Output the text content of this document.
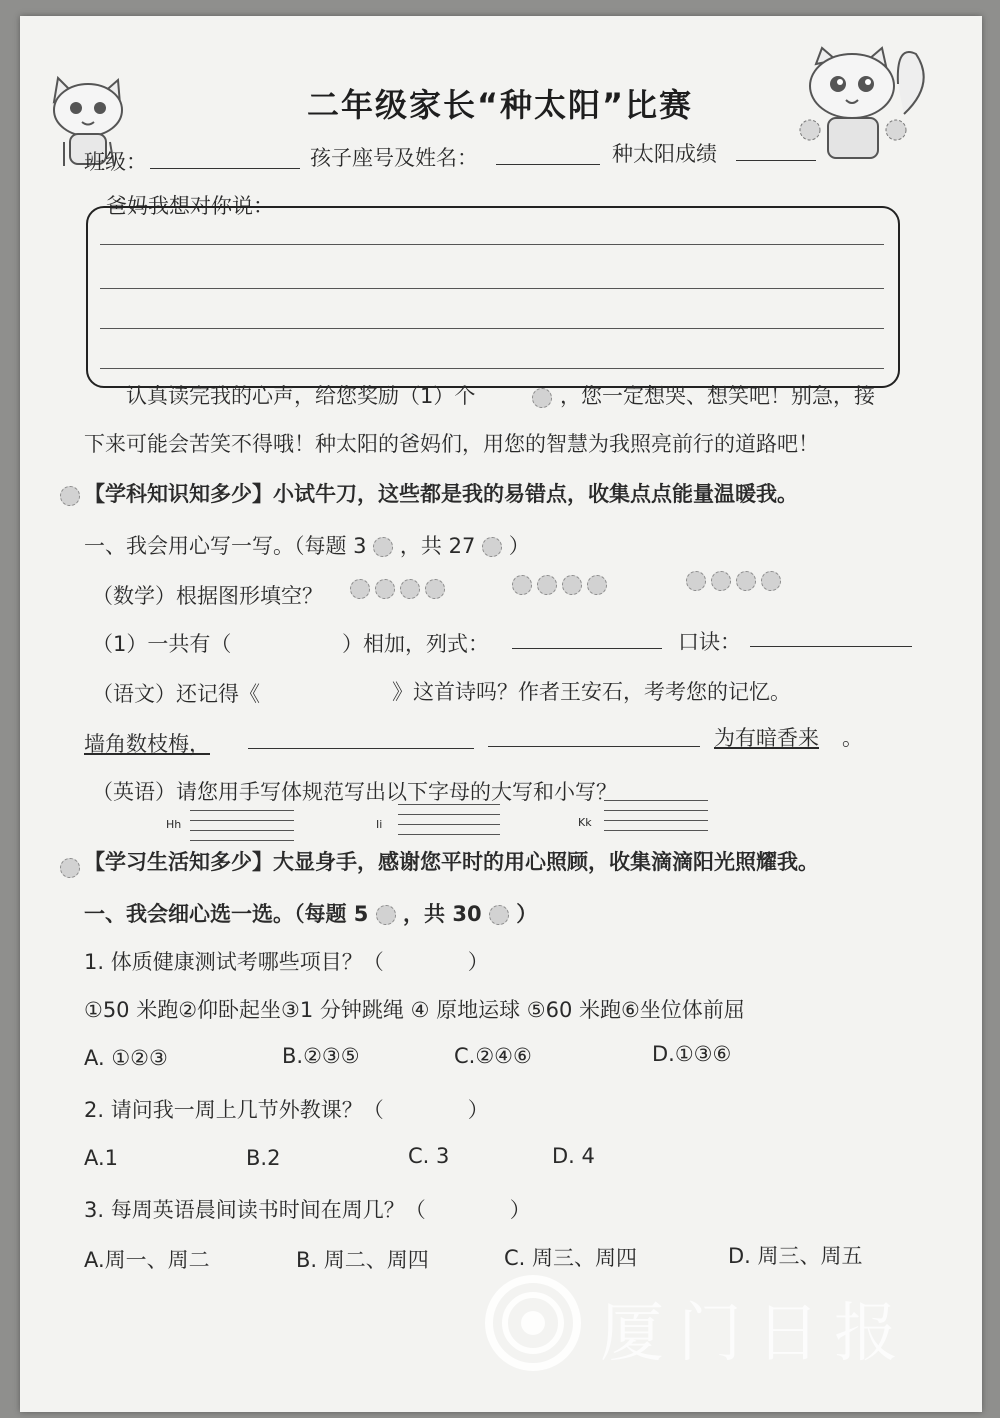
二年级家长“种太阳”比赛
班级：	孩子座号及姓名：	种太阳成绩
爸妈我想对你说：
认真读完我的心声，给您奖励（1）个	，您一定想哭、想笑吧！别急，接
下来可能会苦笑不得哦！种太阳的爸妈们，用您的智慧为我照亮前行的道路吧！
【学科知识知多少】小试牛刀，这些都是我的易错点，收集点点能量温暖我。
一、我会用心写一写。（每题 3 ，共 27 ）
（数学）根据图形填空？

（1）一共有（	）相加，列式：	口诀：
（语文）还记得《	》这首诗吗？作者王安石，考考您的记忆。
墙角数枝梅，	为有暗香来 。
（英语）请您用手写体规范写出以下字母的大写和小写？
Hh	Ii	Kk
【学习生活知多少】大显身手，感谢您平时的用心照顾，收集滴滴阳光照耀我。
一、我会细心选一选。（每题 5 ，共 30 ）
1. 体质健康测试考哪些项目？（　　　　）
①50 米跑②仰卧起坐③1 分钟跳绳 ④ 原地运球 ⑤60 米跑⑥坐位体前屈
A. ①②③	B.②③⑤	C.②④⑥	D.①③⑥
2. 请问我一周上几节外教课？（　　　　）
A.1	B.2	C. 3	D. 4
3. 每周英语晨间读书时间在周几？（　　　　）
A.周一、周二	B. 周二、周四	C. 周三、周四	D. 周三、周五
厦门日报
